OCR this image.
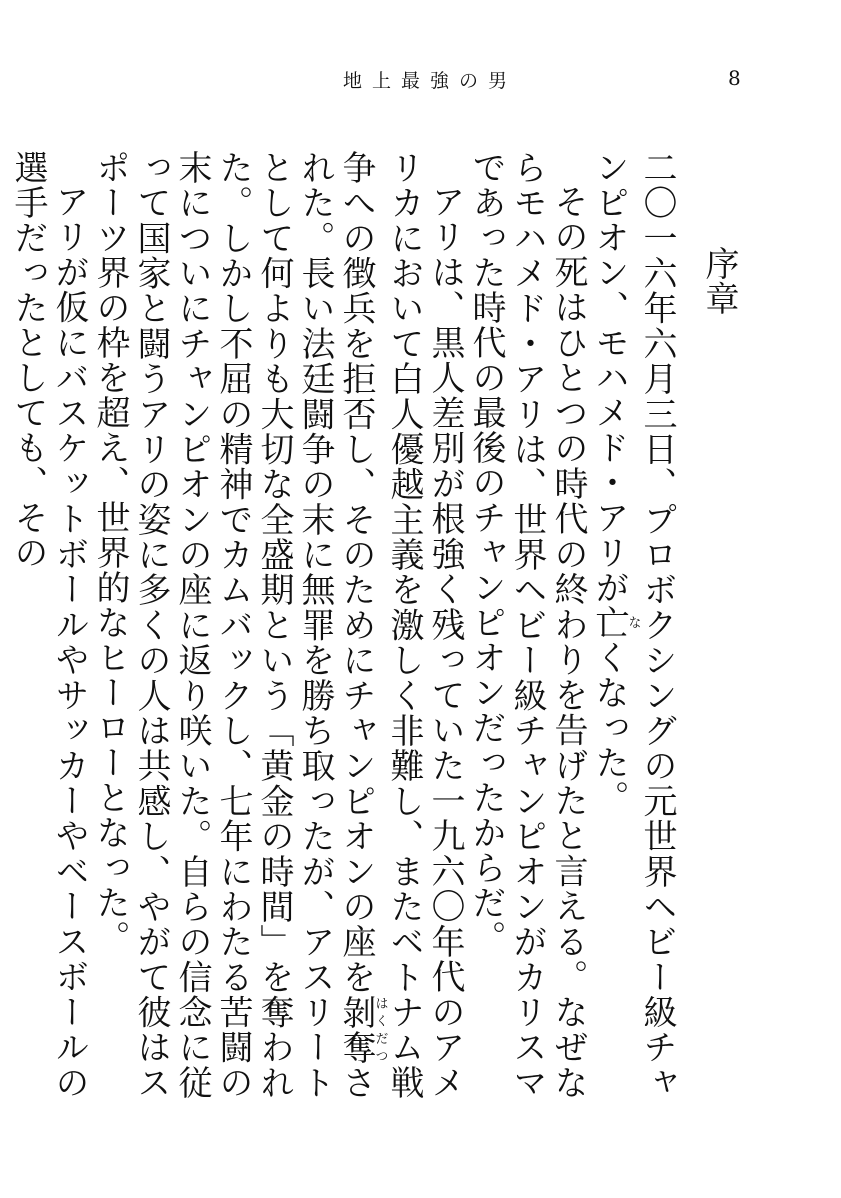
地上最強の男	8
序章

二〇一六年六月三日、プロボクシングの元世界ヘビー級チャンピオン、モハメド・アリが亡なくなった。

その死はひとつの時代の終わりを告げたと言える。なぜならモハメド・アリは、世界ヘビー級チャンピオンがカリスマであった時代の最後のチャンピオンだったからだ。

アリは、黒人差別が根強く残っていた一九六〇年代のアメリカにおいて白人優越主義を激しく非難し、またベトナム戦争への徴兵を拒否し、そのためにチャンピオンの座を剝奪はくだつされた。長い法廷闘争の末に無罪を勝ち取ったが、アスリートとして何よりも大切な全盛期という「黄金の時間」を奪われた。しかし不屈の精神でカムバックし、七年にわたる苦闘の末についにチャンピオンの座に返り咲いた。自らの信念に従って国家と闘うアリの姿に多くの人は共感し、やがて彼はスポーツ界の枠を超え、世界的なヒーローとなった。

アリが仮にバスケットボールやサッカーやベースボールの選手だったとしても、その
